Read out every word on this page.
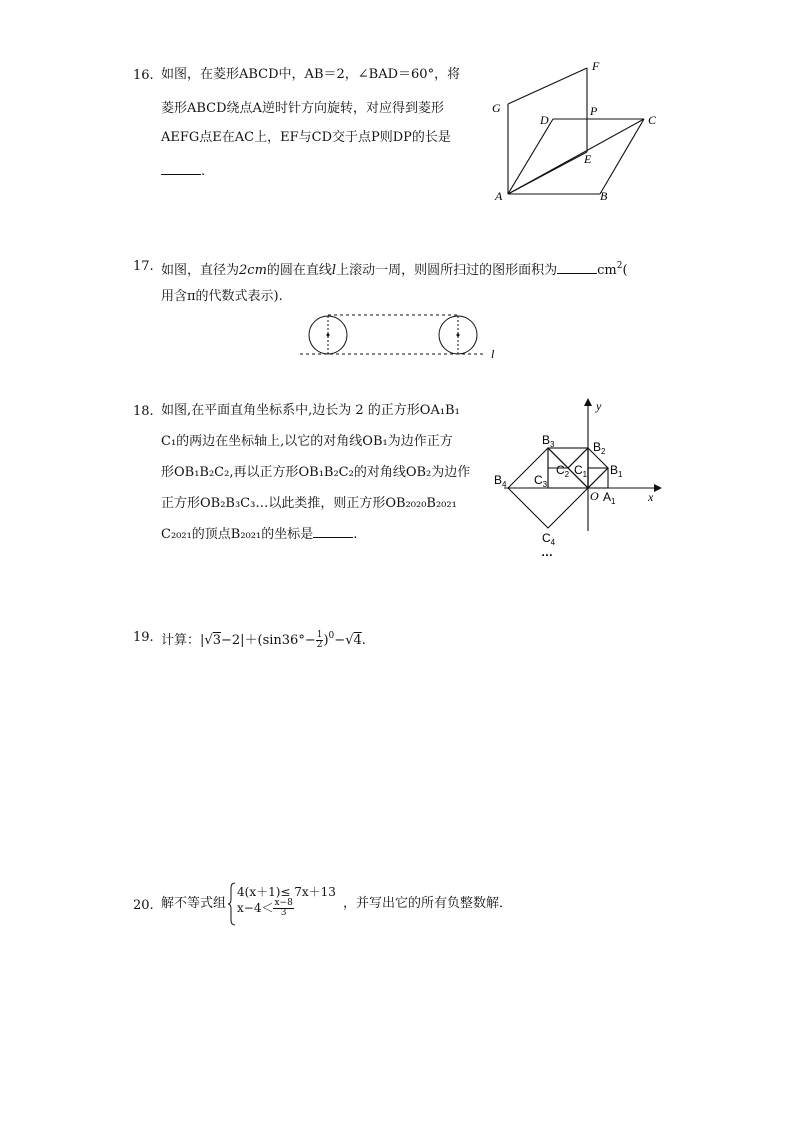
16. 如图，在菱形ABCD中，AB＝2，∠BAD＝60°，将
菱形ABCD绕点A逆时针方向旋转，对应得到菱形
AEFG点E在AC上，EF与CD交于点P则DP的长是
.
F
G	P
D	C
E
A	B
17. 如图，直径为2cm的圆在直线l上滚动一周，则圆所扫过的图形面积为	$cm^2$(
用含π的代数式表示).
l
18. 如图,在平面直角坐标系中,边长为 2 的正方形OA₁B₁
C₁的两边在坐标轴上,以它的对角线OB₁为边作正方
形OB₁B₂C₂,再以正方形OB₁B₂C₂的对角线OB₂为边作
正方形OB₂B₃C₃…以此类推，则正方形OB₂₀₂₀B₂₀₂₁
C₂₀₂₁的顶点B₂₀₂₁的坐标是	.
y
x
O
$B_3$	$B_2$
$B_1$
$B_4$ $C_3$
$C_2$ $C_1$
$A_1$
$C_4$
…
19. 计算：$|√3-2|+(\sin 36^\circ- \frac{1}{2} )^0-√4$.
20. 解不等式组
4(x＋1)≤ 7x＋13
$x-4< \frac{x-8}{3}$	，并写出它的所有负整数解．
